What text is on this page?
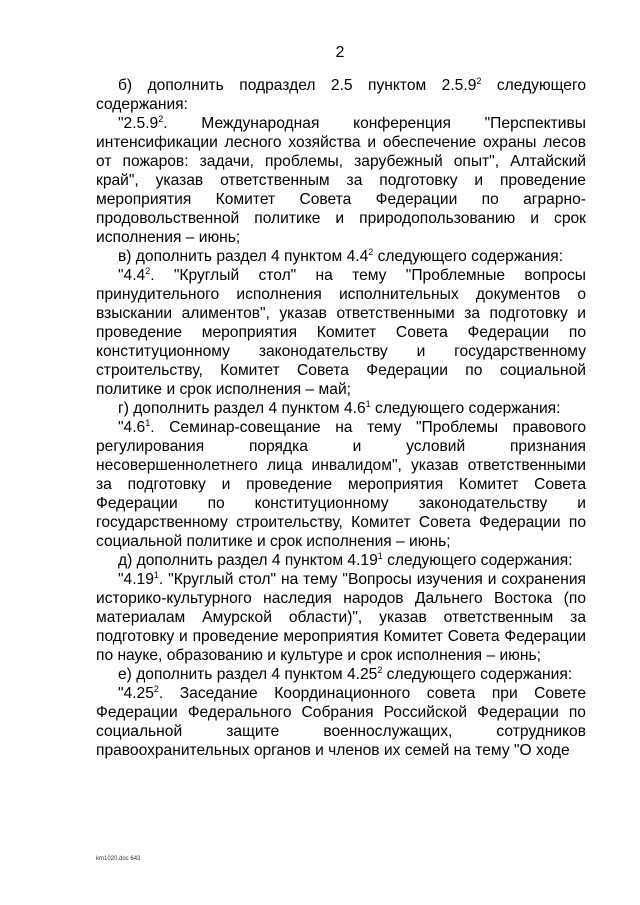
2

б) дополнить подраздел 2.5 пунктом 2.5.9$^2$ следующего содержания:

"2.5.9$^2$. Международная конференция "Перспективы интенсификации лесного хозяйства и обеспечение охраны лесов от пожаров: задачи, проблемы, зарубежный опыт", Алтайский край", указав ответственным за подготовку и проведение мероприятия Комитет Совета Федерации по аграрно-продовольственной политике и природопользованию и срок исполнения – июнь;

в) дополнить раздел 4 пунктом $4.4^2$ следующего содержания:

"$4.4^2$. "Круглый стол" на тему "Проблемные вопросы принудительного исполнения исполнительных документов о взыскании алиментов", указав ответственными за подготовку и проведение мероприятия Комитет Совета Федерации по конституционному законодательству и государственному строительству, Комитет Совета Федерации по социальной политике и срок исполнения – май;

г) дополнить раздел 4 пунктом $4.6^1$ следующего содержания:

"$4.6^1$. Семинар-совещание на тему "Проблемы правового регулирования порядка и условий признания несовершеннолетнего лица инвалидом", указав ответственными за подготовку и проведение мероприятия Комитет Совета Федерации по конституционному законодательству и государственному строительству, Комитет Совета Федерации по социальной политике и срок исполнения – июнь;

д) дополнить раздел 4 пунктом 4.19$^1$ следующего содержания:

"4.19$^1$. "Круглый стол" на тему "Вопросы изучения и сохранения историко-культурного наследия народов Дальнего Востока (по материалам Амурской области)", указав ответственным за подготовку и проведение мероприятия Комитет Совета Федерации по науке, образованию и культуре и срок исполнения – июнь;

е) дополнить раздел 4 пунктом 4.25$^2$ следующего содержания:

"4.25$^2$. Заседание Координационного совета при Совете Федерации Федерального Собрания Российской Федерации по социальной защите военнослужащих, сотрудников правоохранительных органов и членов их семей на тему "О ходе

km1020.doc 643
